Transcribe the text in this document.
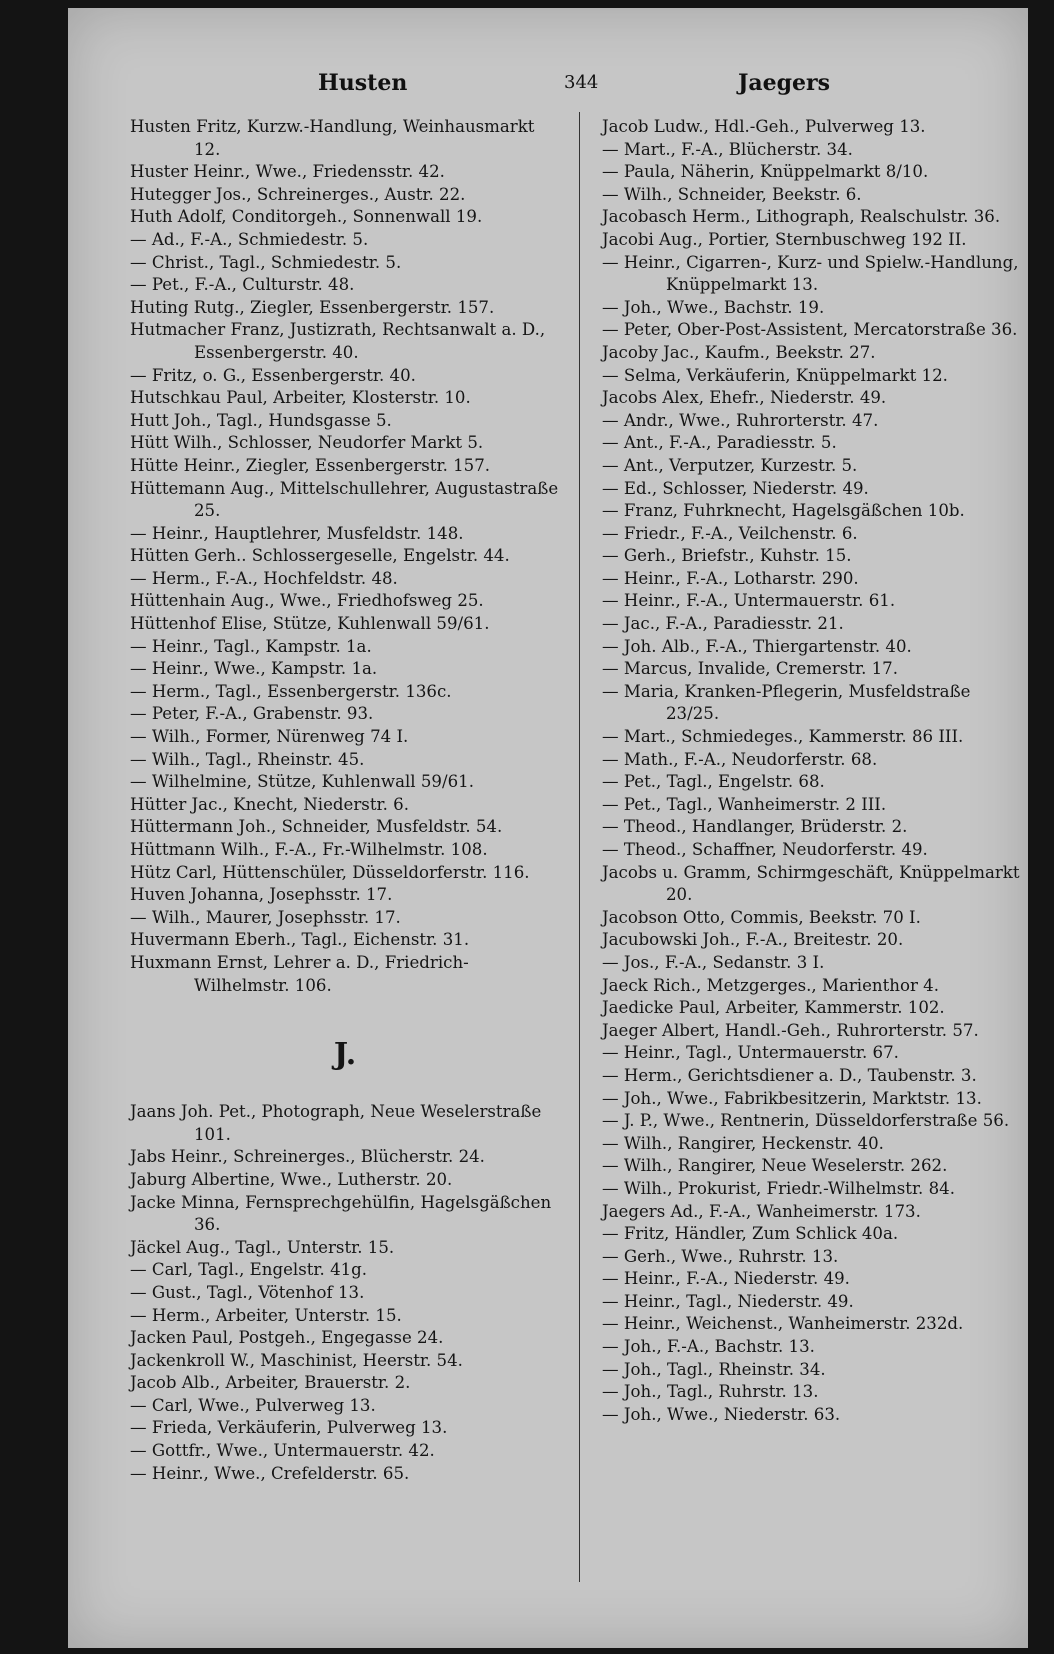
Husten	344	Jaegers

Husten Fritz, Kurzw.-Handlung, Weinhausmarkt 12.

Huster Heinr., Wwe., Friedensstr. 42.

Hutegger Jos., Schreinerges., Austr. 22.

Huth Adolf, Conditorgeh., Sonnenwall 19.

— Ad., F.-A., Schmiedestr. 5.

— Christ., Tagl., Schmiedestr. 5.

— Pet., F.-A., Culturstr. 48.

Huting Rutg., Ziegler, Essenbergerstr. 157.

Hutmacher Franz, Justizrath, Rechtsanwalt a. D., Essenbergerstr. 40.

— Fritz, o. G., Essenbergerstr. 40.

Hutschkau Paul, Arbeiter, Klosterstr. 10.

Hutt Joh., Tagl., Hundsgasse 5.

Hütt Wilh., Schlosser, Neudorfer Markt 5.

Hütte Heinr., Ziegler, Essenbergerstr. 157.

Hüttemann Aug., Mittelschullehrer, Augustastraße 25.

— Heinr., Hauptlehrer, Musfeldstr. 148.

Hütten Gerh.. Schlossergeselle, Engelstr. 44.

— Herm., F.-A., Hochfeldstr. 48.

Hüttenhain Aug., Wwe., Friedhofsweg 25.

Hüttenhof Elise, Stütze, Kuhlenwall 59/61.

— Heinr., Tagl., Kampstr. 1a.

— Heinr., Wwe., Kampstr. 1a.

— Herm., Tagl., Essenbergerstr. 136c.

— Peter, F.-A., Grabenstr. 93.

— Wilh., Former, Nürenweg 74 I.

— Wilh., Tagl., Rheinstr. 45.

— Wilhelmine, Stütze, Kuhlenwall 59/61.

Hütter Jac., Knecht, Niederstr. 6.

Hüttermann Joh., Schneider, Musfeldstr. 54.

Hüttmann Wilh., F.-A., Fr.-Wilhelmstr. 108.

Hütz Carl, Hüttenschüler, Düsseldorferstr. 116.

Huven Johanna, Josephsstr. 17.

— Wilh., Maurer, Josephsstr. 17.

Huvermann Eberh., Tagl., Eichenstr. 31.

Huxmann Ernst, Lehrer a. D., Friedrich-Wilhelmstr. 106.

J.

Jaans Joh. Pet., Photograph, Neue Weselerstraße 101.

Jabs Heinr., Schreinerges., Blücherstr. 24.

Jaburg Albertine, Wwe., Lutherstr. 20.

Jacke Minna, Fernsprechgehülfin, Hagelsgäßchen 36.

Jäckel Aug., Tagl., Unterstr. 15.

— Carl, Tagl., Engelstr. 41g.

— Gust., Tagl., Vötenhof 13.

— Herm., Arbeiter, Unterstr. 15.

Jacken Paul, Postgeh., Engegasse 24.

Jackenkroll W., Maschinist, Heerstr. 54.

Jacob Alb., Arbeiter, Brauerstr. 2.

— Carl, Wwe., Pulverweg 13.

— Frieda, Verkäuferin, Pulverweg 13.

— Gottfr., Wwe., Untermauerstr. 42.

— Heinr., Wwe., Crefelderstr. 65.

Jacob Ludw., Hdl.-Geh., Pulverweg 13.

— Mart., F.-A., Blücherstr. 34.

— Paula, Näherin, Knüppelmarkt 8/10.

— Wilh., Schneider, Beekstr. 6.

Jacobasch Herm., Lithograph, Realschulstr. 36.

Jacobi Aug., Portier, Sternbuschweg 192 II.

— Heinr., Cigarren-, Kurz- und Spielw.-Handlung, Knüppelmarkt 13.

— Joh., Wwe., Bachstr. 19.

— Peter, Ober-Post-Assistent, Mercatorstraße 36.

Jacoby Jac., Kaufm., Beekstr. 27.

— Selma, Verkäuferin, Knüppelmarkt 12.

Jacobs Alex, Ehefr., Niederstr. 49.

— Andr., Wwe., Ruhrorterstr. 47.

— Ant., F.-A., Paradiesstr. 5.

— Ant., Verputzer, Kurzestr. 5.

— Ed., Schlosser, Niederstr. 49.

— Franz, Fuhrknecht, Hagelsgäßchen 10b.

— Friedr., F.-A., Veilchenstr. 6.

— Gerh., Briefstr., Kuhstr. 15.

— Heinr., F.-A., Lotharstr. 290.

— Heinr., F.-A., Untermauerstr. 61.

— Jac., F.-A., Paradiesstr. 21.

— Joh. Alb., F.-A., Thiergartenstr. 40.

— Marcus, Invalide, Cremerstr. 17.

— Maria, Kranken-Pflegerin, Musfeldstraße 23/25.

— Mart., Schmiedeges., Kammerstr. 86 III.

— Math., F.-A., Neudorferstr. 68.

— Pet., Tagl., Engelstr. 68.

— Pet., Tagl., Wanheimerstr. 2 III.

— Theod., Handlanger, Brüderstr. 2.

— Theod., Schaffner, Neudorferstr. 49.

Jacobs u. Gramm, Schirmgeschäft, Knüppelmarkt 20.

Jacobson Otto, Commis, Beekstr. 70 I.

Jacubowski Joh., F.-A., Breitestr. 20.

— Jos., F.-A., Sedanstr. 3 I.

Jaeck Rich., Metzgerges., Marienthor 4.

Jaedicke Paul, Arbeiter, Kammerstr. 102.

Jaeger Albert, Handl.-Geh., Ruhrorterstr. 57.

— Heinr., Tagl., Untermauerstr. 67.

— Herm., Gerichtsdiener a. D., Taubenstr. 3.

— Joh., Wwe., Fabrikbesitzerin, Marktstr. 13.

— J. P., Wwe., Rentnerin, Düsseldorferstraße 56.

— Wilh., Rangirer, Heckenstr. 40.

— Wilh., Rangirer, Neue Weselerstr. 262.

— Wilh., Prokurist, Friedr.-Wilhelmstr. 84.

Jaegers Ad., F.-A., Wanheimerstr. 173.

— Fritz, Händler, Zum Schlick 40a.

— Gerh., Wwe., Ruhrstr. 13.

— Heinr., F.-A., Niederstr. 49.

— Heinr., Tagl., Niederstr. 49.

— Heinr., Weichenst., Wanheimerstr. 232d.

— Joh., F.-A., Bachstr. 13.

— Joh., Tagl., Rheinstr. 34.

— Joh., Tagl., Ruhrstr. 13.

— Joh., Wwe., Niederstr. 63.
